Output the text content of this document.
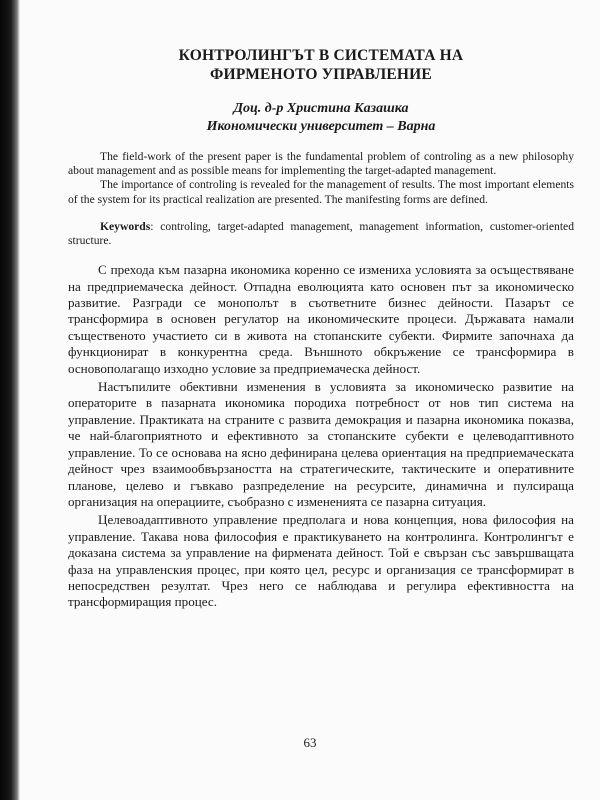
КОНТРОЛИНГЪТ В СИСТЕМАТА НА
ФИРМЕНОТО УПРАВЛЕНИЕ
Доц. д-р Христина Казашка
Икономически университет – Варна

The field-work of the present paper is the fundamental problem of controling as a new philosophy about management and as possible means for implementing the target-adapted management.

The importance of controling is revealed for the management of results. The most important elements of the system for its practical realization are presented. The manifesting forms are defined.

Keywords: controling, target-adapted management, management information, customer-oriented structure.

С прехода към пазарна икономика коренно се измениха условията за осъществяване на предприемаческа дейност. Отпадна еволюцията като основен път за икономическо развитие. Разгради се монополът в съответните бизнес дейности. Пазарът се трансформира в основен регулатор на икономическите процеси. Държавата намали същественото участието си в живота на стопанските субекти. Фирмите започнаха да функционират в конкурентна среда. Външното обкръжение се трансформира в основополагащо изходно условие за предприемаческа дейност.

Настъпилите обективни изменения в условията за икономическо развитие на операторите в пазарната икономика породиха потребност от нов тип система на управление. Практиката на страните с развита демокрация и пазарна икономика показва, че най-благоприятното и ефективното за стопанските субекти е целеводаптивното управление. То се основава на ясно дефинирана целева ориентация на предприемаческата дейност чрез взаимообвързаността на стратегическите, тактическите и оперативните планове, целево и гъвкаво разпределение на ресурсите, динамична и пулсираща организация на операциите, съобразно с измененията се пазарна ситуация.

Целевоадаптивното управление предполага и нова концепция, нова философия на управление. Такава нова философия е практикуването на контролинга. Контролингът е доказана система за управление на фирмената дейност. Той е свързан със завършващата фаза на управленския процес, при която цел, ресурс и организация се трансформират в непосредствен резултат. Чрез него се наблюдава и регулира ефективността на трансформиращия процес.

63
